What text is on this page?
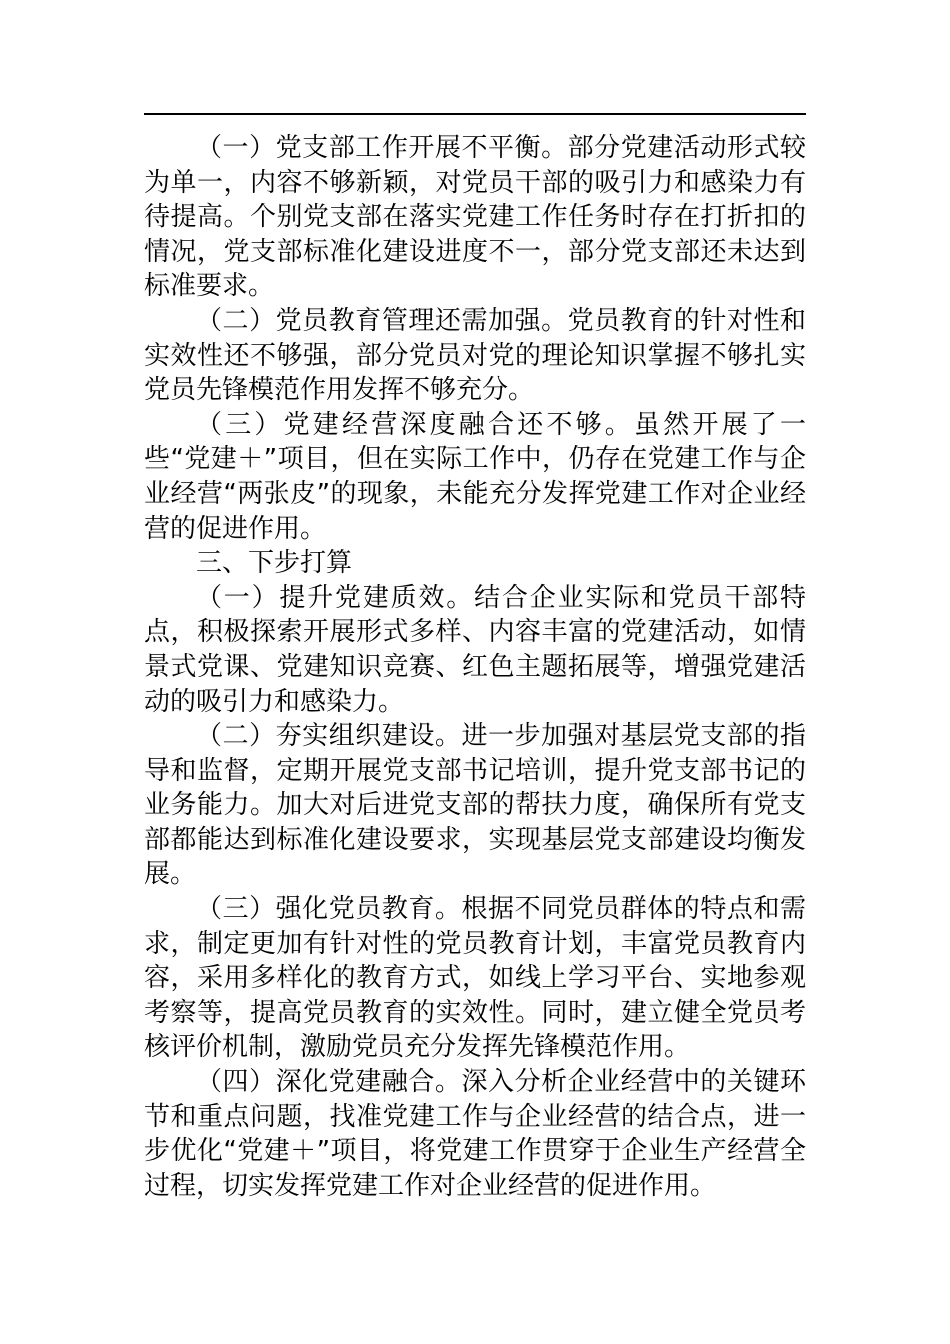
（一）党支部工作开展不平衡。部分党建活动形式较为单一，内容不够新颖，对党员干部的吸引力和感染力有待提高。个别党支部在落实党建工作任务时存在打折扣的情况，党支部标准化建设进度不一，部分党支部还未达到标准要求。

（二）党员教育管理还需加强。党员教育的针对性和实效性还不够强，部分党员对党的理论知识掌握不够扎实党员先锋模范作用发挥不够充分。

（三）党建经营深度融合还不够。虽然开展了一些“党建＋”项目，但在实际工作中，仍存在党建工作与企业经营“两张皮”的现象，未能充分发挥党建工作对企业经营的促进作用。

三、下步打算

（一）提升党建质效。结合企业实际和党员干部特点，积极探索开展形式多样、内容丰富的党建活动，如情景式党课、党建知识竞赛、红色主题拓展等，增强党建活动的吸引力和感染力。

（二）夯实组织建设。进一步加强对基层党支部的指导和监督，定期开展党支部书记培训，提升党支部书记的业务能力。加大对后进党支部的帮扶力度，确保所有党支部都能达到标准化建设要求，实现基层党支部建设均衡发展。

（三）强化党员教育。根据不同党员群体的特点和需求，制定更加有针对性的党员教育计划，丰富党员教育内容，采用多样化的教育方式，如线上学习平台、实地参观考察等，提高党员教育的实效性。同时，建立健全党员考核评价机制，激励党员充分发挥先锋模范作用。

（四）深化党建融合。深入分析企业经营中的关键环节和重点问题，找准党建工作与企业经营的结合点，进一步优化“党建＋”项目，将党建工作贯穿于企业生产经营全过程，切实发挥党建工作对企业经营的促进作用。
